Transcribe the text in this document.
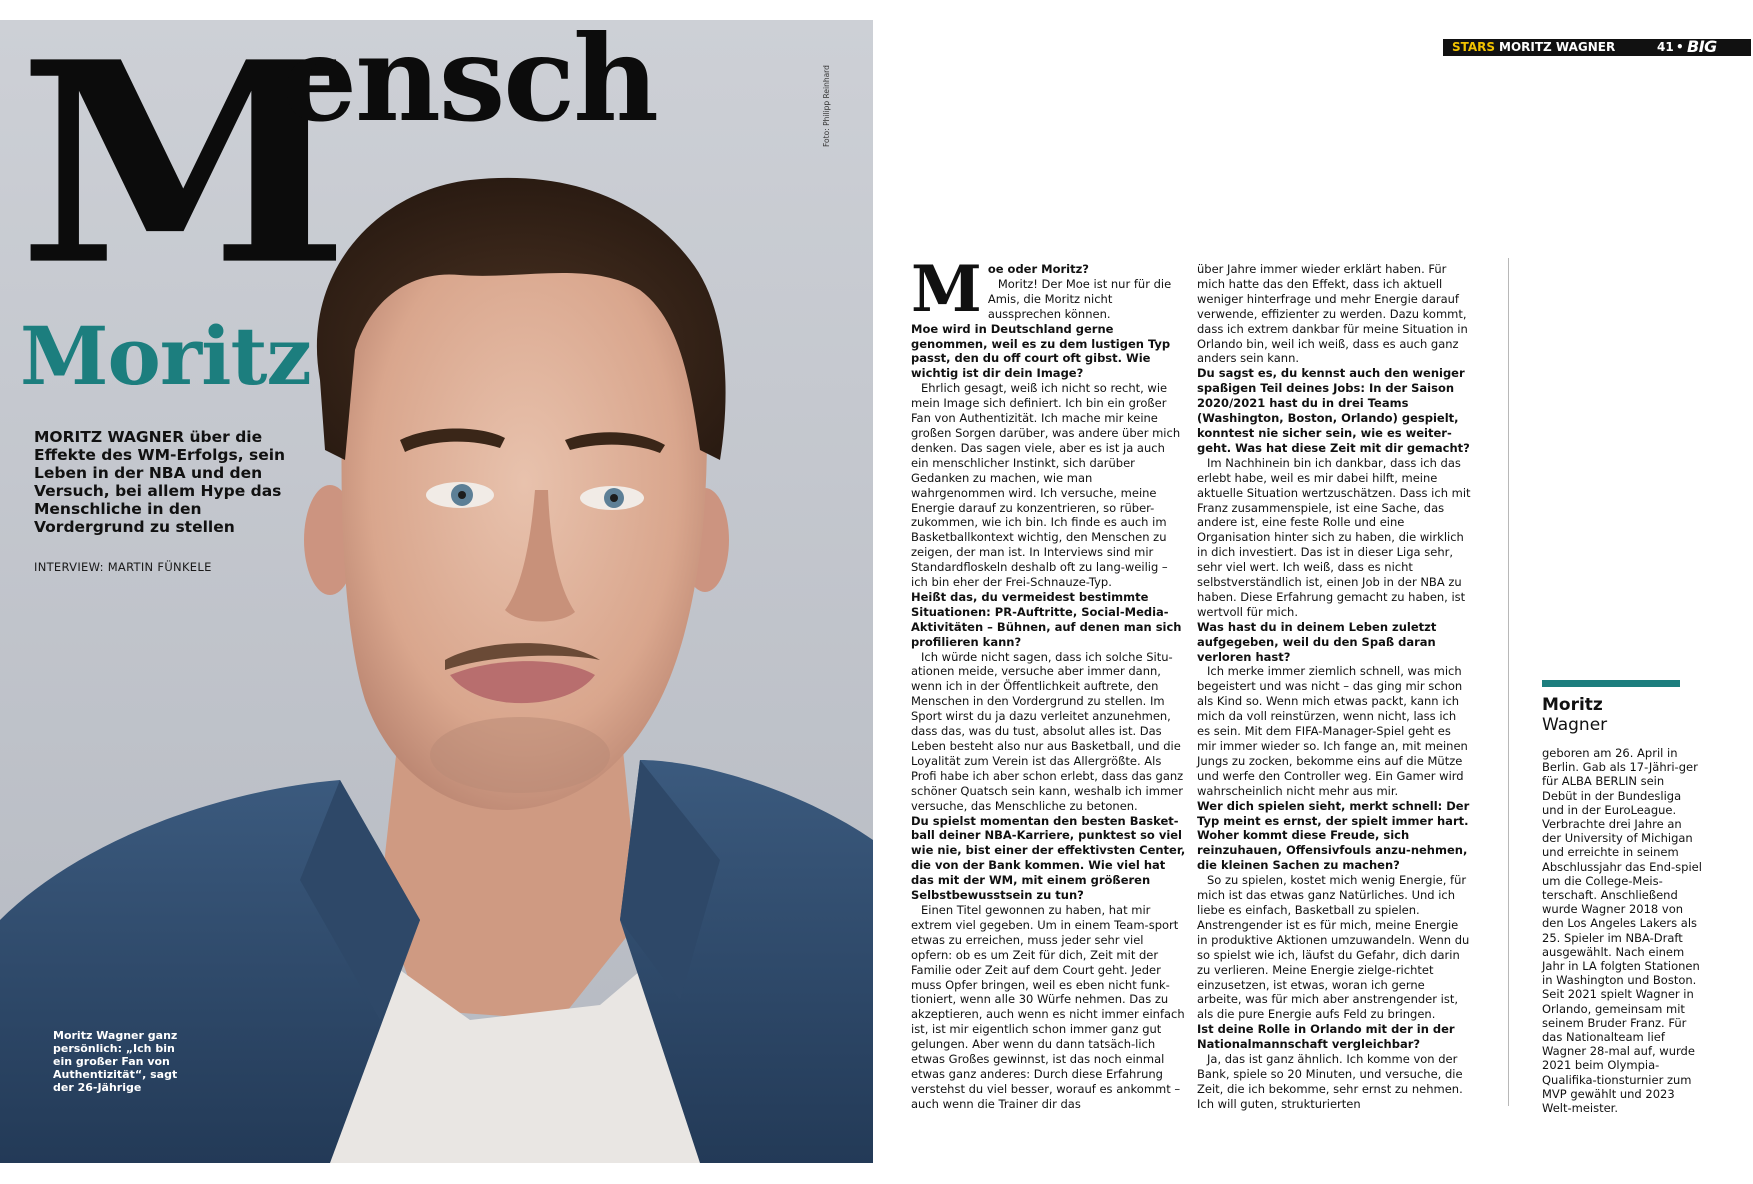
M
ensch
Moritz
MORITZ WAGNER über die Effekte des WM-Erfolgs, sein Leben in der NBA und den Versuch, bei allem Hype das Menschliche in den Vordergrund zu stellen
INTERVIEW: MARTIN FÜNKELE
Foto: Philipp Reinhard
Moritz Wagner ganz persönlich: „Ich bin ein großer Fan von Authentizität“, sagt der 26-Jährige
STARS MORITZ WAGNER	41 • BIG
M oe oder Moritz?

Moritz! Der Moe ist nur für die Amis, die Moritz nicht aussprechen können.

Moe wird in Deutschland gerne genommen, weil es zu dem lustigen Typ passt, den du off court oft gibst. Wie wichtig ist dir dein Image?

Ehrlich gesagt, weiß ich nicht so recht, wie mein Image sich definiert. Ich bin ein großer Fan von Authentizität. Ich mache mir keine großen Sorgen darüber, was andere über mich denken. Das sagen viele, aber es ist ja auch ein menschlicher Instinkt, sich darüber Gedanken zu machen, wie man wahrgenommen wird. Ich versuche, meine Energie darauf zu konzentrieren, so rüber-zukommen, wie ich bin. Ich finde es auch im Basketballkontext wichtig, den Menschen zu zeigen, der man ist. In Interviews sind mir Standardfloskeln deshalb oft zu lang-weilig – ich bin eher der Frei-Schnauze-Typ.

Heißt das, du vermeidest bestimmte Situationen: PR-Auftritte, Social-Media-Aktivitäten – Bühnen, auf denen man sich profilieren kann?

Ich würde nicht sagen, dass ich solche Situ-ationen meide, versuche aber immer dann, wenn ich in der Öffentlichkeit auftrete, den Menschen in den Vordergrund zu stellen. Im Sport wirst du ja dazu verleitet anzunehmen, dass das, was du tust, absolut alles ist. Das Leben besteht also nur aus Basketball, und die Loyalität zum Verein ist das Allergrößte. Als Profi habe ich aber schon erlebt, dass das ganz schöner Quatsch sein kann, weshalb ich immer versuche, das Menschliche zu betonen.

Du spielst momentan den besten Basket-ball deiner NBA-Karriere, punktest so viel wie nie, bist einer der effektivsten Center, die von der Bank kommen. Wie viel hat das mit der WM, mit einem größeren Selbstbewusstsein zu tun?

Einen Titel gewonnen zu haben, hat mir extrem viel gegeben. Um in einem Team-sport etwas zu erreichen, muss jeder sehr viel opfern: ob es um Zeit für dich, Zeit mit der Familie oder Zeit auf dem Court geht. Jeder muss Opfer bringen, weil es eben nicht funk-tioniert, wenn alle 30 Würfe nehmen. Das zu akzeptieren, auch wenn es nicht immer einfach ist, ist mir eigentlich schon immer ganz gut gelungen. Aber wenn du dann tatsäch-lich etwas Großes gewinnst, ist das noch einmal etwas ganz anderes: Durch diese Erfahrung verstehst du viel besser, worauf es ankommt – auch wenn die Trainer dir das

über Jahre immer wieder erklärt haben. Für mich hatte das den Effekt, dass ich aktuell weniger hinterfrage und mehr Energie darauf verwende, effizienter zu werden. Dazu kommt, dass ich extrem dankbar für meine Situation in Orlando bin, weil ich weiß, dass es auch ganz anders sein kann.

Du sagst es, du kennst auch den weniger spaßigen Teil deines Jobs: In der Saison 2020/2021 hast du in drei Teams (Washington, Boston, Orlando) gespielt, konntest nie sicher sein, wie es weiter-geht. Was hat diese Zeit mit dir gemacht?

Im Nachhinein bin ich dankbar, dass ich das erlebt habe, weil es mir dabei hilft, meine aktuelle Situation wertzuschätzen. Dass ich mit Franz zusammenspiele, ist eine Sache, das andere ist, eine feste Rolle und eine Organisation hinter sich zu haben, die wirklich in dich investiert. Das ist in dieser Liga sehr, sehr viel wert. Ich weiß, dass es nicht selbstverständlich ist, einen Job in der NBA zu haben. Diese Erfahrung gemacht zu haben, ist wertvoll für mich.

Was hast du in deinem Leben zuletzt aufgegeben, weil du den Spaß daran verloren hast?

Ich merke immer ziemlich schnell, was mich begeistert und was nicht – das ging mir schon als Kind so. Wenn mich etwas packt, kann ich mich da voll reinstürzen, wenn nicht, lass ich es sein. Mit dem FIFA-Manager-Spiel geht es mir immer wieder so. Ich fange an, mit meinen Jungs zu zocken, bekomme eins auf die Mütze und werfe den Controller weg. Ein Gamer wird wahrscheinlich nicht mehr aus mir.

Wer dich spielen sieht, merkt schnell: Der Typ meint es ernst, der spielt immer hart. Woher kommt diese Freude, sich reinzuhauen, Offensivfouls anzu-nehmen, die kleinen Sachen zu machen?

So zu spielen, kostet mich wenig Energie, für mich ist das etwas ganz Natürliches. Und ich liebe es einfach, Basketball zu spielen. Anstrengender ist es für mich, meine Energie in produktive Aktionen umzuwandeln. Wenn du so spielst wie ich, läufst du Gefahr, dich darin zu verlieren. Meine Energie zielge-richtet einzusetzen, ist etwas, woran ich gerne arbeite, was für mich aber anstrengender ist, als die pure Energie aufs Feld zu bringen.

Ist deine Rolle in Orlando mit der in der Nationalmannschaft vergleichbar?

Ja, das ist ganz ähnlich. Ich komme von der Bank, spiele so 20 Minuten, und versuche, die Zeit, die ich bekomme, sehr ernst zu nehmen. Ich will guten, strukturierten

Moritz
Wagner
geboren am 26. April in Berlin. Gab als 17-Jähri-ger für ALBA BERLIN sein Debüt in der Bundesliga und in der EuroLeague. Verbrachte drei Jahre an der University of Michigan und erreichte in seinem Abschlussjahr das End-spiel um die College-Meis-terschaft. Anschließend wurde Wagner 2018 von den Los Angeles Lakers als 25. Spieler im NBA-Draft ausgewählt. Nach einem Jahr in LA folgten Stationen in Washington und Boston. Seit 2021 spielt Wagner in Orlando, gemeinsam mit seinem Bruder Franz. Für das Nationalteam lief Wagner 28-mal auf, wurde 2021 beim Olympia-Qualifika-tionsturnier zum MVP gewählt und 2023 Welt-meister.
